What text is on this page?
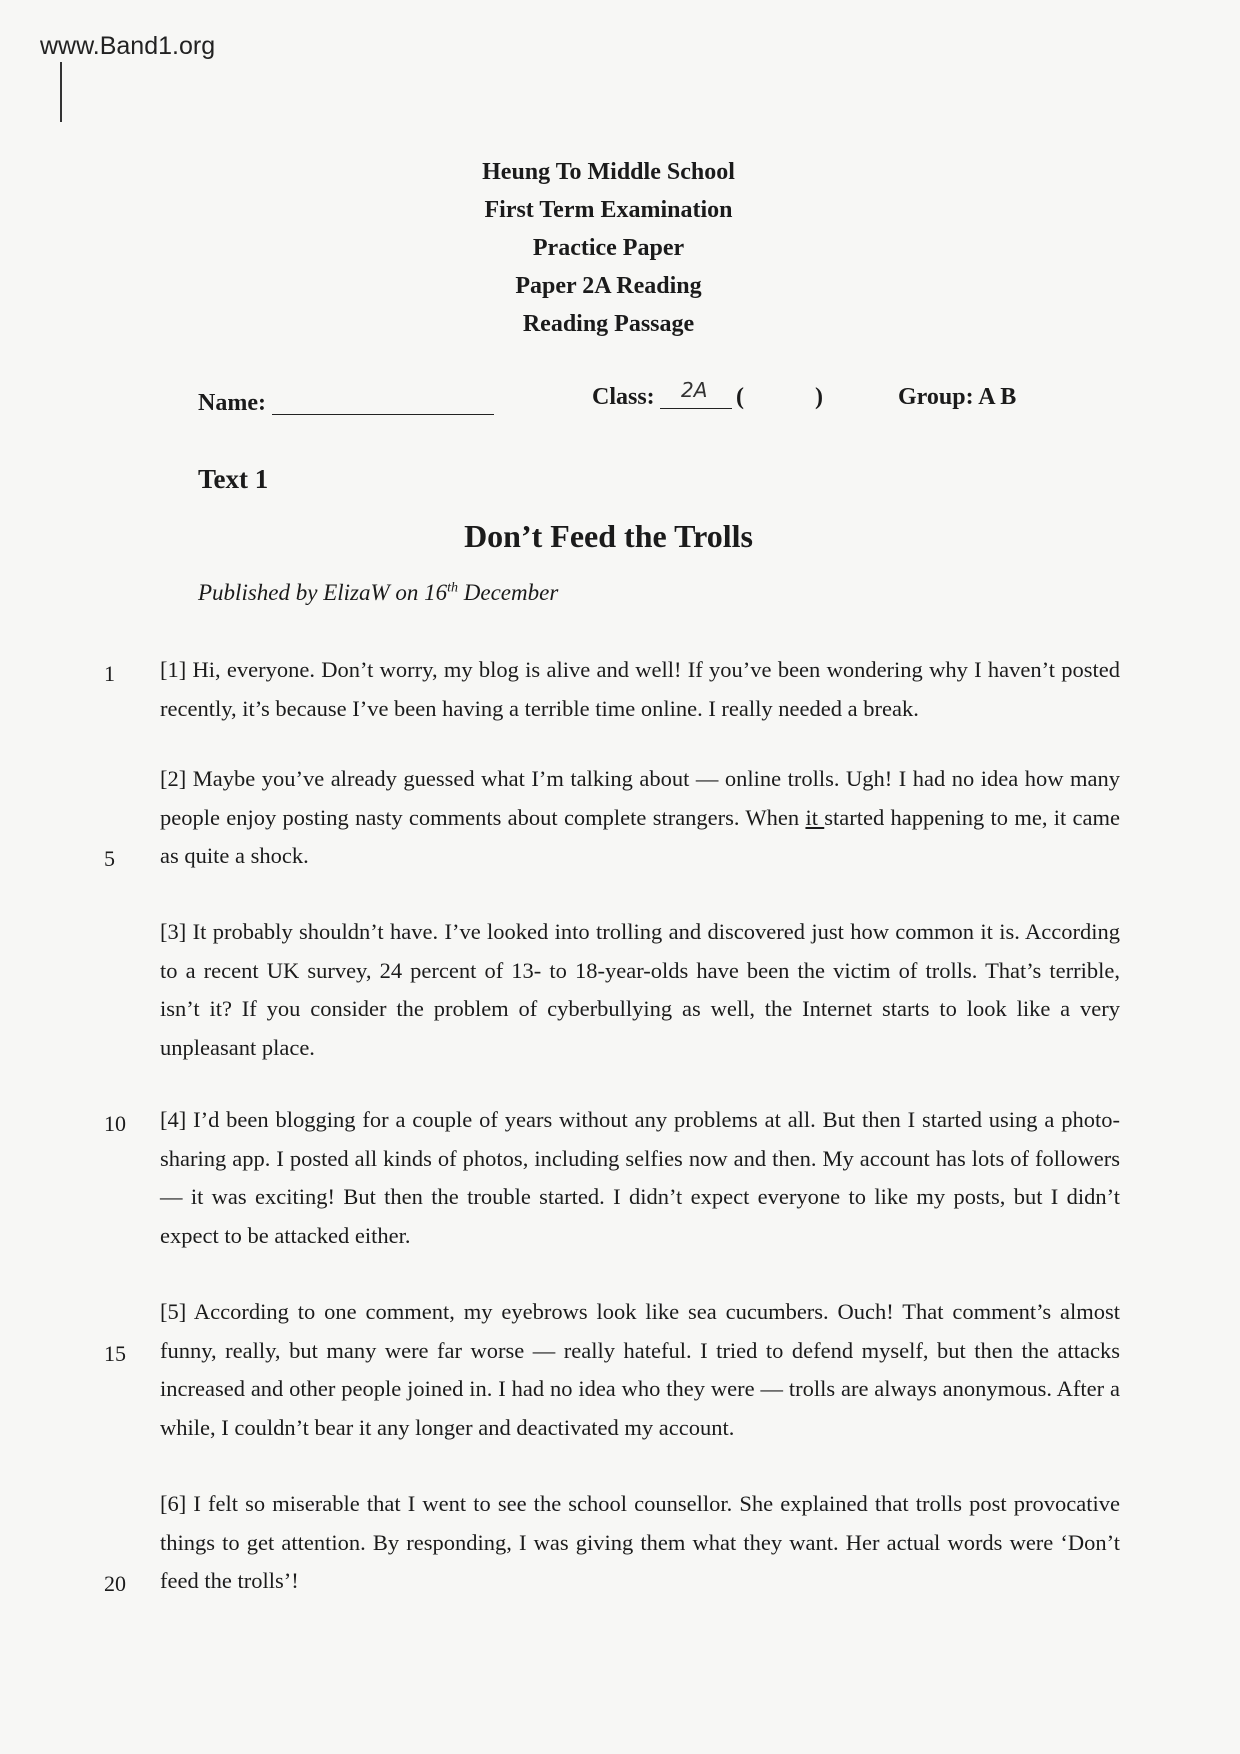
www.Band1.org
Heung To Middle School
First Term Examination
Practice Paper
Paper 2A Reading
Reading Passage
Name:	Class: 2A (	)	Group: A B
Text 1
Don’t Feed the Trolls
Published by ElizaW on 16th December
1
5
10
15
20
[1] Hi, everyone. Don’t worry, my blog is alive and well! If you’ve been wondering why I haven’t posted recently, it’s because I’ve been having a terrible time online. I really needed a break.
[2] Maybe you’ve already guessed what I’m talking about — online trolls. Ugh! I had no idea how many people enjoy posting nasty comments about complete strangers. When it started happening to me, it came as quite a shock.
[3] It probably shouldn’t have. I’ve looked into trolling and discovered just how common it is. According to a recent UK survey, 24 percent of 13- to 18-year-olds have been the victim of trolls. That’s terrible, isn’t it? If you consider the problem of cyberbullying as well, the Internet starts to look like a very unpleasant place.
[4] I’d been blogging for a couple of years without any problems at all. But then I started using a photo-sharing app. I posted all kinds of photos, including selfies now and then. My account has lots of followers — it was exciting! But then the trouble started. I didn’t expect everyone to like my posts, but I didn’t expect to be attacked either.
[5] According to one comment, my eyebrows look like sea cucumbers. Ouch! That comment’s almost funny, really, but many were far worse — really hateful. I tried to defend myself, but then the attacks increased and other people joined in. I had no idea who they were — trolls are always anonymous. After a while, I couldn’t bear it any longer and deactivated my account.
[6] I felt so miserable that I went to see the school counsellor. She explained that trolls post provocative things to get attention. By responding, I was giving them what they want. Her actual words were ‘Don’t feed the trolls’!
